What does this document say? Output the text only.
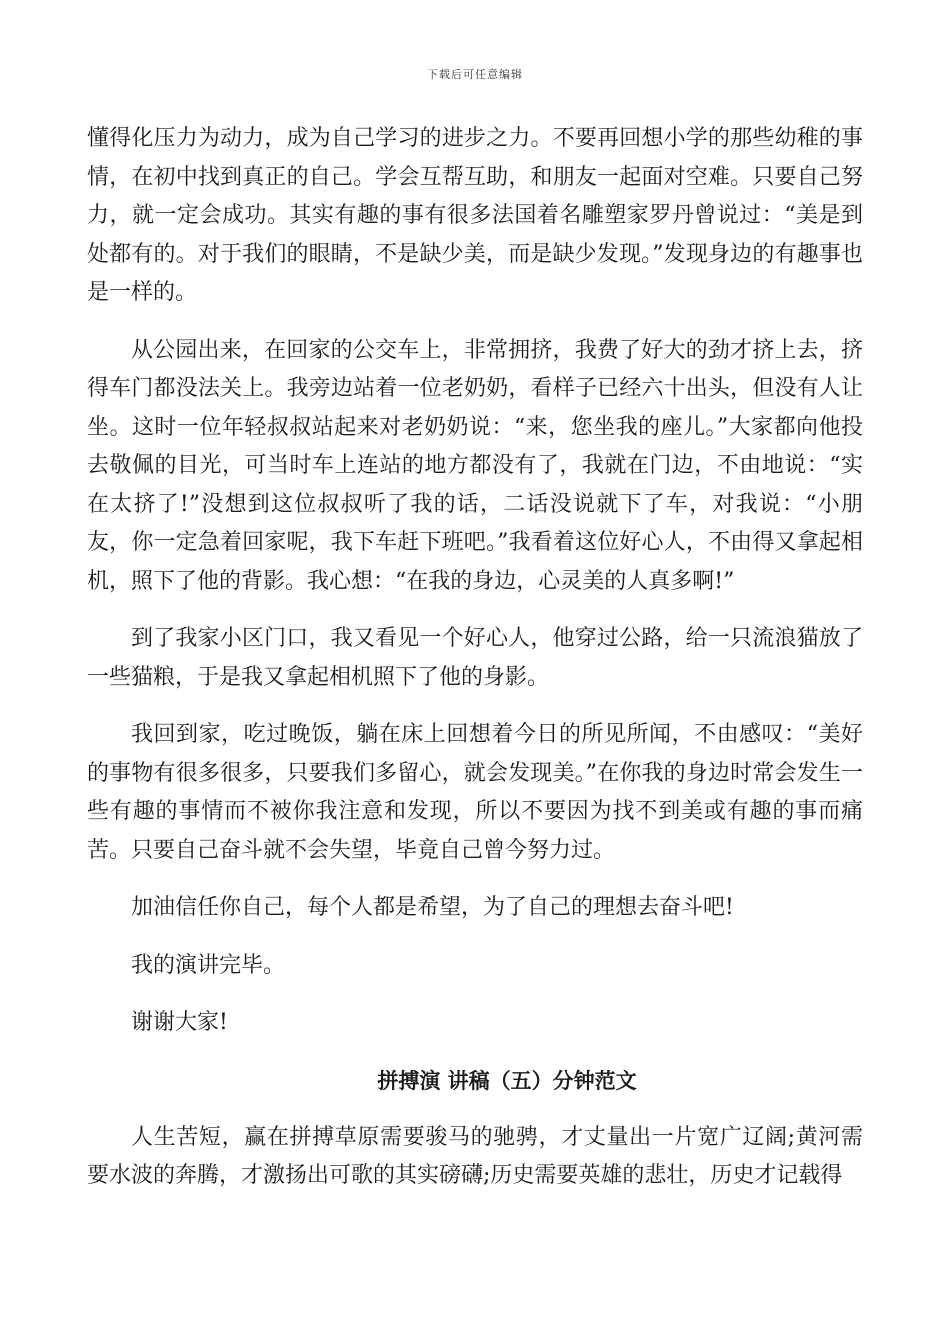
下载后可任意编辑

懂得化压力为动力，成为自己学习的进步之力。不要再回想小学的那些幼稚的事情，在初中找到真正的自己。学会互帮互助，和朋友一起面对空难。只要自己努力，就一定会成功。其实有趣的事有很多法国着名雕塑家罗丹曾说过：“美是到处都有的。对于我们的眼睛，不是缺少美，而是缺少发现。”发现身边的有趣事也是一样的。

从公园出来，在回家的公交车上，非常拥挤，我费了好大的劲才挤上去，挤得车门都没法关上。我旁边站着一位老奶奶，看样子已经六十出头，但没有人让坐。这时一位年轻叔叔站起来对老奶奶说：“来，您坐我的座儿。”大家都向他投去敬佩的目光，可当时车上连站的地方都没有了，我就在门边，不由地说：“实在太挤了!”没想到这位叔叔听了我的话，二话没说就下了车，对我说：“小朋友，你一定急着回家呢，我下车赶下班吧。”我看着这位好心人，不由得又拿起相机，照下了他的背影。我心想：“在我的身边，心灵美的人真多啊!”

到了我家小区门口，我又看见一个好心人，他穿过公路，给一只流浪猫放了一些猫粮，于是我又拿起相机照下了他的身影。

我回到家，吃过晚饭，躺在床上回想着今日的所见所闻，不由感叹：“美好的事物有很多很多，只要我们多留心，就会发现美。”在你我的身边时常会发生一些有趣的事情而不被你我注意和发现，所以不要因为找不到美或有趣的事而痛苦。只要自己奋斗就不会失望，毕竟自己曾今努力过。

加油信任你自己，每个人都是希望，为了自己的理想去奋斗吧!

我的演讲完毕。

谢谢大家!

拼搏演 讲稿（五）分钟范文

人生苦短，赢在拼搏草原需要骏马的驰骋，才丈量出一片宽广辽阔;黄河需要水波的奔腾，才激扬出可歌的其实磅礴;历史需要英雄的悲壮，历史才记载得
